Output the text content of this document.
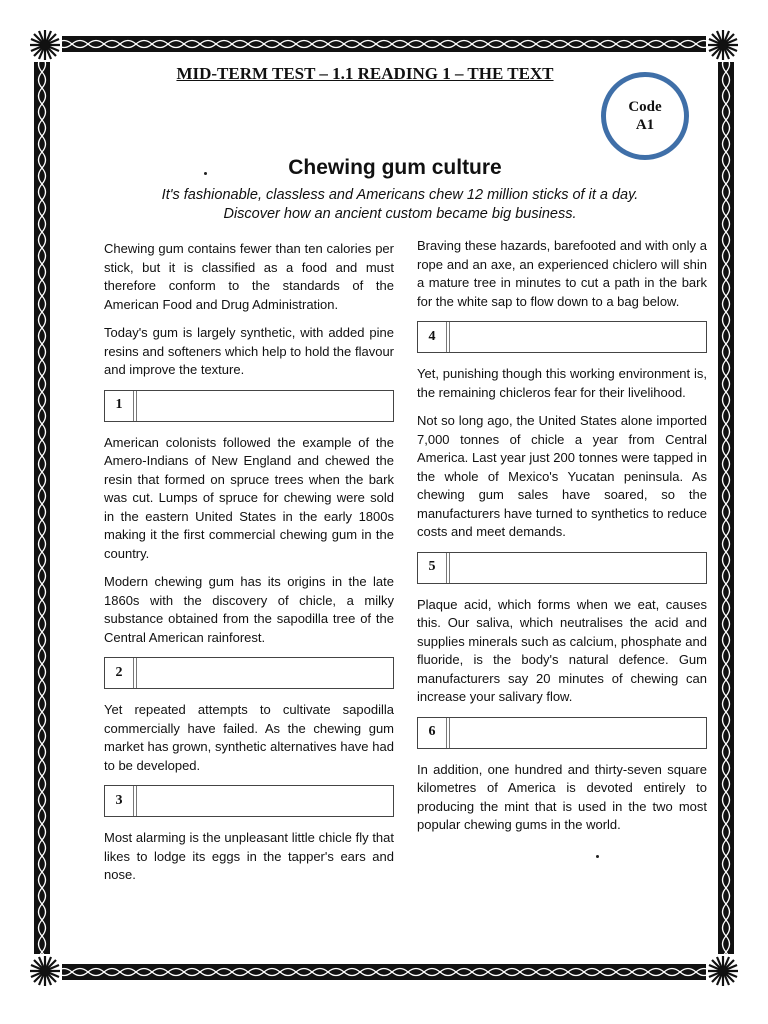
MID-TERM TEST – 1.1 READING 1 – THE TEXT
Code
A1
Chewing gum culture
It's fashionable, classless and Americans chew 12 million sticks of it a day.
Discover how an ancient custom became big business.

Chewing gum contains fewer than ten calories per stick, but it is classified as a food and must therefore conform to the standards of the American Food and Drug Administration.

Today's gum is largely synthetic, with added pine resins and softeners which help to hold the flavour and improve the texture.

1

American colonists followed the example of the Amero-Indians of New England and chewed the resin that formed on spruce trees when the bark was cut. Lumps of spruce for chewing were sold in the eastern United States in the early 1800s making it the first commercial chewing gum in the country.

Modern chewing gum has its origins in the late 1860s with the discovery of chicle, a milky substance obtained from the sapodilla tree of the Central American rainforest.

2

Yet repeated attempts to cultivate sapodilla commercially have failed. As the chewing gum market has grown, synthetic alternatives have had to be developed.

3

Most alarming is the unpleasant little chicle fly that likes to lodge its eggs in the tapper's ears and nose.

Braving these hazards, barefooted and with only a rope and an axe, an experienced chiclero will shin a mature tree in minutes to cut a path in the bark for the white sap to flow down to a bag below.

4

Yet, punishing though this working environment is, the remaining chicleros fear for their livelihood.

Not so long ago, the United States alone imported 7,000 tonnes of chicle a year from Central America. Last year just 200 tonnes were tapped in the whole of Mexico's Yucatan peninsula. As chewing gum sales have soared, so the manufacturers have turned to synthetics to reduce costs and meet demands.

5

Plaque acid, which forms when we eat, causes this. Our saliva, which neutralises the acid and supplies minerals such as calcium, phosphate and fluoride, is the body's natural defence. Gum manufacturers say 20 minutes of chewing can increase your salivary flow.

6

In addition, one hundred and thirty-seven square kilometres of America is devoted entirely to producing the mint that is used in the two most popular chewing gums in the world.
